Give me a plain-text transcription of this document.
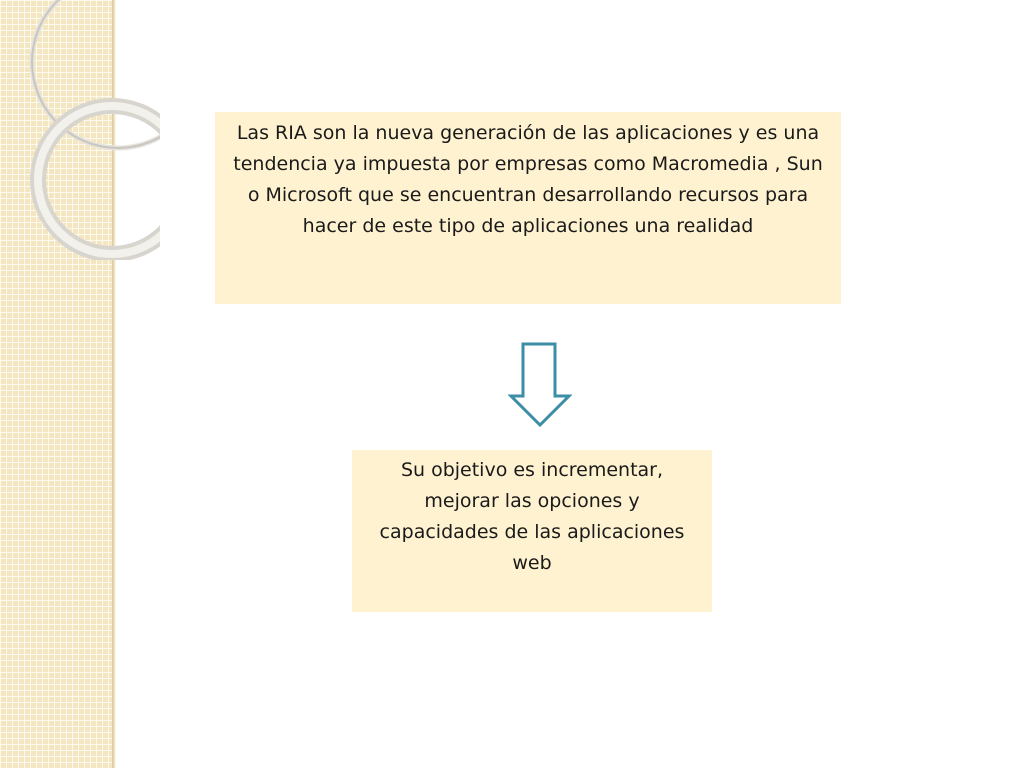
Las RIA son la nueva generación de las aplicaciones y es una tendencia ya impuesta por empresas como Macromedia , Sun o Microsoft que se encuentran desarrollando recursos para hacer de este tipo de aplicaciones una realidad
Su objetivo es incrementar, mejorar las opciones y capacidades de las aplicaciones web
